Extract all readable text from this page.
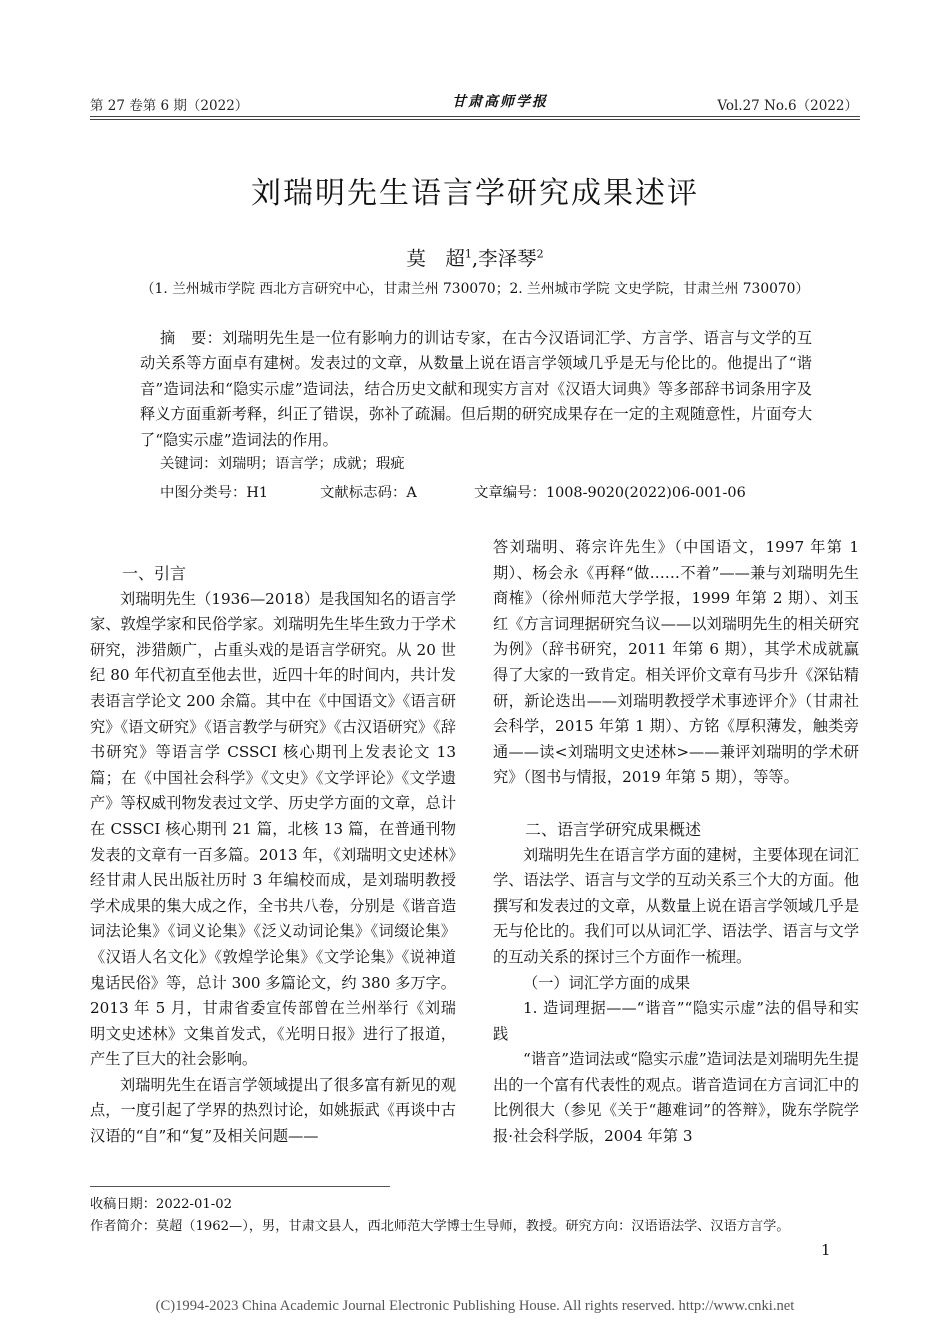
第 27 卷第 6 期（2022）	甘肃高师学报	Vol.27 No.6（2022）
刘瑞明先生语言学研究成果述评
莫　超$^1$,李泽琴$^2$
（1. 兰州城市学院 西北方言研究中心，甘肃兰州 730070；2. 兰州城市学院 文史学院，甘肃兰州 730070）
摘　要：刘瑞明先生是一位有影响力的训诂专家，在古今汉语词汇学、方言学、语言与文学的互动关系等方面卓有建树。发表过的文章，从数量上说在语言学领域几乎是无与伦比的。他提出了“谐音”造词法和“隐实示虚”造词法，结合历史文献和现实方言对《汉语大词典》等多部辞书词条用字及释义方面重新考释，纠正了错误，弥补了疏漏。但后期的研究成果存在一定的主观随意性，片面夸大了“隐实示虚”造词法的作用。
关键词：刘瑞明；语言学；成就；瑕疵
中图分类号：H1	文献标志码：A	文章编号：1008-9020(2022)06-001-06
一、引言

刘瑞明先生（1936—2018）是我国知名的语言学家、敦煌学家和民俗学家。刘瑞明先生毕生致力于学术研究，涉猎颇广，占重头戏的是语言学研究。从 20 世纪 80 年代初直至他去世，近四十年的时间内，共计发表语言学论文 200 余篇。其中在《中国语文》《语言研究》《语文研究》《语言教学与研究》《古汉语研究》《辞书研究》等语言学 CSSCI 核心期刊上发表论文 13 篇；在《中国社会科学》《文史》《文学评论》《文学遗产》等权威刊物发表过文学、历史学方面的文章，总计在 CSSCI 核心期刊 21 篇，北核 13 篇，在普通刊物发表的文章有一百多篇。2013 年，《刘瑞明文史述林》经甘肃人民出版社历时 3 年编校而成，是刘瑞明教授学术成果的集大成之作，全书共八卷，分别是《谐音造词法论集》《词义论集》《泛义动词论集》《词缀论集》《汉语人名文化》《敦煌学论集》《文学论集》《说神道鬼话民俗》等，总计 300 多篇论文，约 380 多万字。2013 年 5 月，甘肃省委宣传部曾在兰州举行《刘瑞明文史述林》文集首发式，《光明日报》进行了报道，产生了巨大的社会影响。

刘瑞明先生在语言学领域提出了很多富有新见的观点，一度引起了学界的热烈讨论，如姚振武《再谈中古汉语的“自”和“复”及相关问题——

答刘瑞明、蒋宗许先生》（中国语文，1997 年第 1 期）、杨会永《再释“做……不着”——兼与刘瑞明先生商榷》（徐州师范大学学报，1999 年第 2 期）、刘玉红《方言词理据研究刍议——以刘瑞明先生的相关研究为例》（辞书研究，2011 年第 6 期），其学术成就赢得了大家的一致肯定。相关评价文章有马步升《深钻精研，新论迭出——刘瑞明教授学术事迹评介》（甘肃社会科学，2015 年第 1 期）、方铭《厚积薄发，触类旁通——读<刘瑞明文史述林>——兼评刘瑞明的学术研究》（图书与情报，2019 年第 5 期），等等。

二、语言学研究成果概述

刘瑞明先生在语言学方面的建树，主要体现在词汇学、语法学、语言与文学的互动关系三个大的方面。他撰写和发表过的文章，从数量上说在语言学领域几乎是无与伦比的。我们可以从词汇学、语法学、语言与文学的互动关系的探讨三个方面作一梳理。

（一）词汇学方面的成果

1. 造词理据——“谐音”“隐实示虚”法的倡导和实践

“谐音”造词法或“隐实示虚”造词法是刘瑞明先生提出的一个富有代表性的观点。谐音造词在方言词汇中的比例很大（参见《关于“趣难词”的答辩》，陇东学院学报·社会科学版，2004 年第 3

收稿日期：2022-01-02
作者简介：莫超（1962—），男，甘肃文县人，西北师范大学博士生导师，教授。研究方向：汉语语法学、汉语方言学。
1
(C)1994-2023 China Academic Journal Electronic Publishing House. All rights reserved. http://www.cnki.net
